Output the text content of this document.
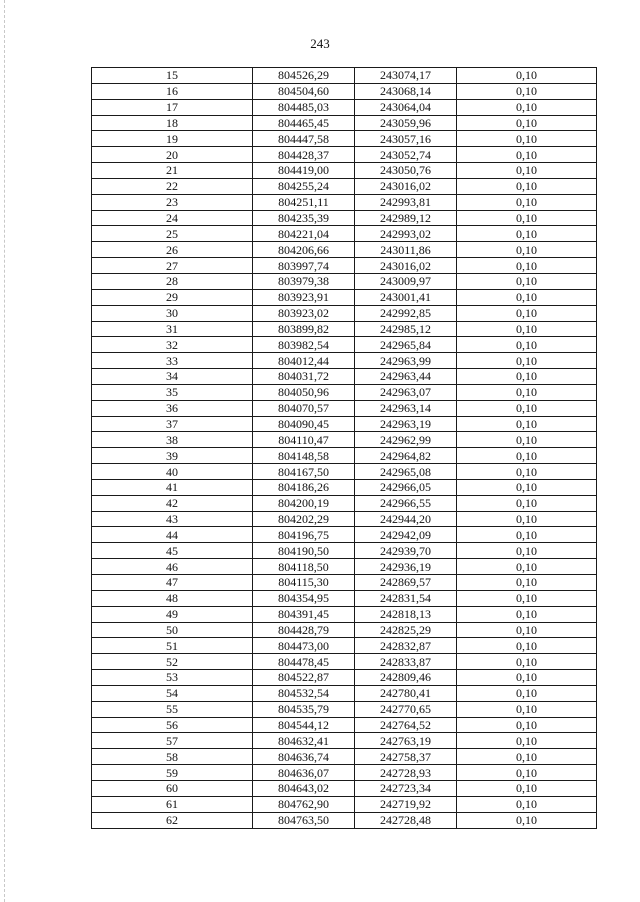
243
15	804526,29	243074,17	0,10
16	804504,60	243068,14	0,10
17	804485,03	243064,04	0,10
18	804465,45	243059,96	0,10
19	804447,58	243057,16	0,10
20	804428,37	243052,74	0,10
21	804419,00	243050,76	0,10
22	804255,24	243016,02	0,10
23	804251,11	242993,81	0,10
24	804235,39	242989,12	0,10
25	804221,04	242993,02	0,10
26	804206,66	243011,86	0,10
27	803997,74	243016,02	0,10
28	803979,38	243009,97	0,10
29	803923,91	243001,41	0,10
30	803923,02	242992,85	0,10
31	803899,82	242985,12	0,10
32	803982,54	242965,84	0,10
33	804012,44	242963,99	0,10
34	804031,72	242963,44	0,10
35	804050,96	242963,07	0,10
36	804070,57	242963,14	0,10
37	804090,45	242963,19	0,10
38	804110,47	242962,99	0,10
39	804148,58	242964,82	0,10
40	804167,50	242965,08	0,10
41	804186,26	242966,05	0,10
42	804200,19	242966,55	0,10
43	804202,29	242944,20	0,10
44	804196,75	242942,09	0,10
45	804190,50	242939,70	0,10
46	804118,50	242936,19	0,10
47	804115,30	242869,57	0,10
48	804354,95	242831,54	0,10
49	804391,45	242818,13	0,10
50	804428,79	242825,29	0,10
51	804473,00	242832,87	0,10
52	804478,45	242833,87	0,10
53	804522,87	242809,46	0,10
54	804532,54	242780,41	0,10
55	804535,79	242770,65	0,10
56	804544,12	242764,52	0,10
57	804632,41	242763,19	0,10
58	804636,74	242758,37	0,10
59	804636,07	242728,93	0,10
60	804643,02	242723,34	0,10
61	804762,90	242719,92	0,10
62	804763,50	242728,48	0,10
